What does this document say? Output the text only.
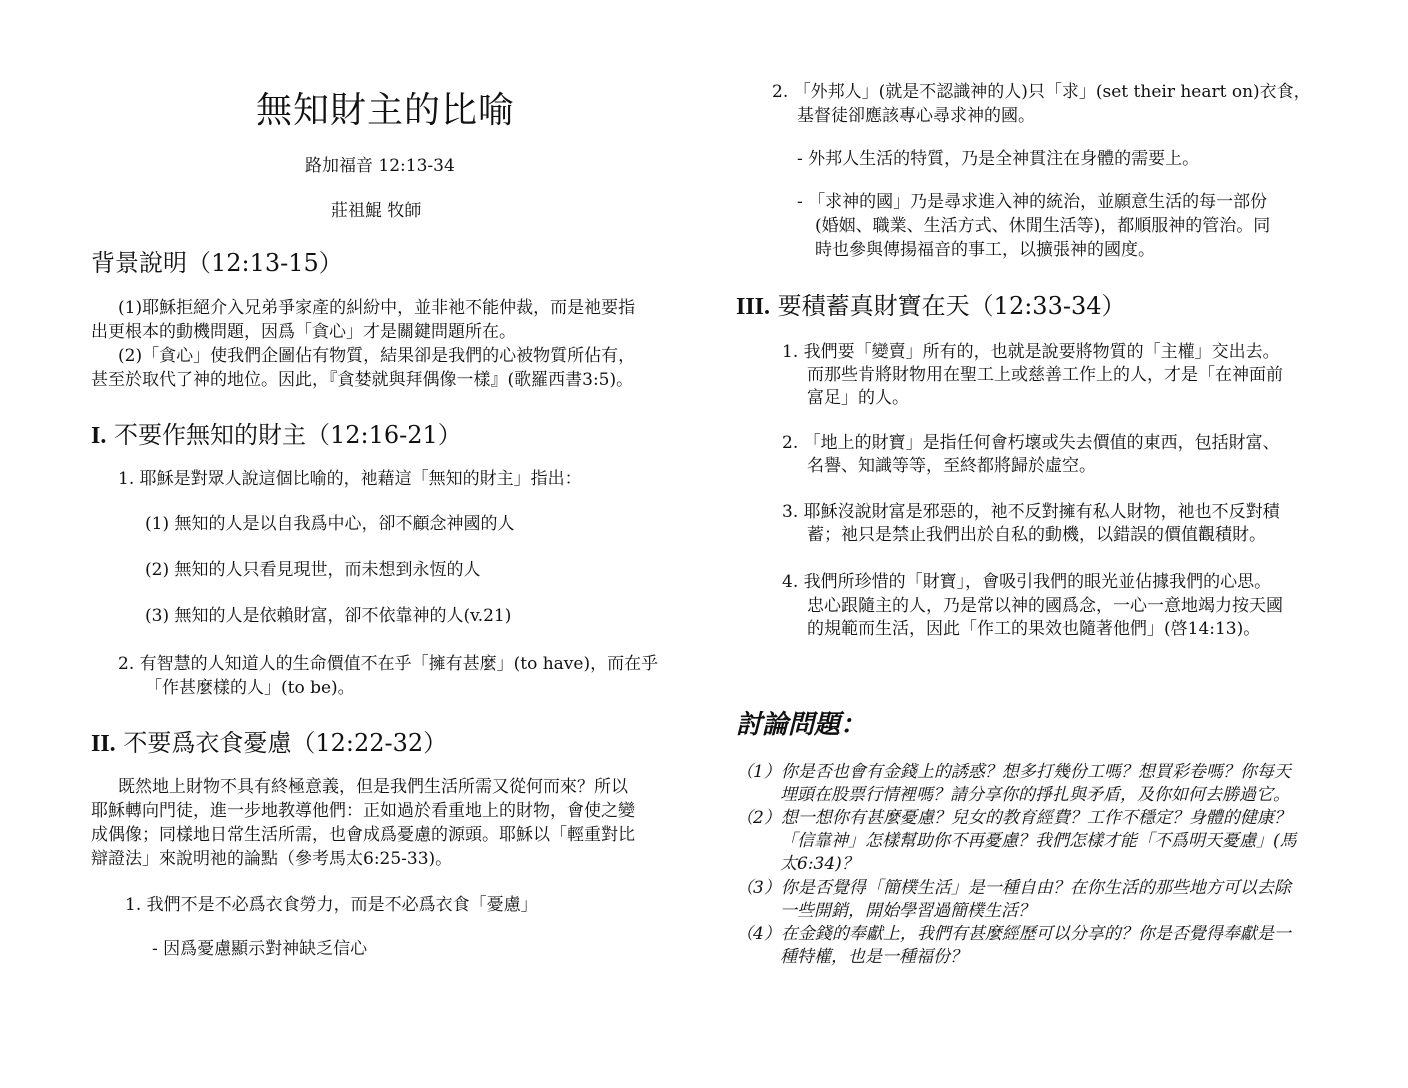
無知財主的比喻
路加福音 12:13-34
莊祖鯤 牧師
背景說明（12:13-15）
(1)耶穌拒絕介入兄弟爭家產的糾紛中，並非祂不能仲裁，而是祂要指
出更根本的動機問題，因爲「貪心」才是關鍵問題所在。
(2)「貪心」使我們企圖佔有物質，結果卻是我們的心被物質所佔有，
甚至於取代了神的地位。因此，『貪婪就與拜偶像一樣』(歌羅西書3:5)。
I. 不要作無知的財主（12:16-21）
1. 耶穌是對眾人說這個比喻的，祂藉這「無知的財主」指出：
(1) 無知的人是以自我爲中心，卻不顧念神國的人
(2) 無知的人只看見現世，而未想到永恆的人
(3) 無知的人是依賴財富，卻不依靠神的人(v.21)
2. 有智慧的人知道人的生命價值不在乎「擁有甚麼」(to have)，而在乎
「作甚麼樣的人」(to be)。
II. 不要爲衣食憂慮（12:22-32）
既然地上財物不具有終極意義，但是我們生活所需又從何而來？所以
耶穌轉向門徒，進一步地教導他們：正如過於看重地上的財物，會使之變
成偶像；同樣地日常生活所需，也會成爲憂慮的源頭。耶穌以「輕重對比
辯證法」來說明祂的論點（參考馬太6:25-33)。
1. 我們不是不必爲衣食勞力，而是不必爲衣食「憂慮」
- 因爲憂慮顯示對神缺乏信心
2. 「外邦人」(就是不認識神的人)只「求」(set their heart on)衣食，
基督徒卻應該專心尋求神的國。
- 外邦人生活的特質，乃是全神貫注在身體的需要上。
- 「求神的國」乃是尋求進入神的統治，並願意生活的每一部份
(婚姻、職業、生活方式、休閒生活等)，都順服神的管治。同
時也參與傳揚福音的事工，以擴張神的國度。
III. 要積蓄真財寶在天（12:33-34）
1. 我們要「變賣」所有的，也就是說要將物質的「主權」交出去。
而那些肯將財物用在聖工上或慈善工作上的人，才是「在神面前
富足」的人。
2. 「地上的財寶」是指任何會朽壞或失去價值的東西，包括財富、
名譽、知識等等，至終都將歸於虛空。
3. 耶穌沒說財富是邪惡的，祂不反對擁有私人財物，祂也不反對積
蓄；祂只是禁止我們出於自私的動機，以錯誤的價值觀積財。
4. 我們所珍惜的「財寶」，會吸引我們的眼光並佔據我們的心思。
忠心跟隨主的人，乃是常以神的國爲念，一心一意地竭力按天國
的規範而生活，因此「作工的果效也隨著他們」(啓14:13)。
討論問題：
（1）你是否也會有金錢上的誘惑？想多打幾份工嗎？想買彩卷嗎？你每天
埋頭在股票行情裡嗎？請分享你的掙扎與矛盾，及你如何去勝過它。
（2）想一想你有甚麼憂慮？兒女的教育經費？工作不穩定？身體的健康？
「信靠神」怎樣幫助你不再憂慮？我們怎樣才能「不爲明天憂慮」(馬
太6:34)？
（3）你是否覺得「簡樸生活」是一種自由？在你生活的那些地方可以去除
一些開銷，開始學習過簡樸生活？
（4）在金錢的奉獻上，我們有甚麼經歷可以分享的？你是否覺得奉獻是一
種特權，也是一種福份？
